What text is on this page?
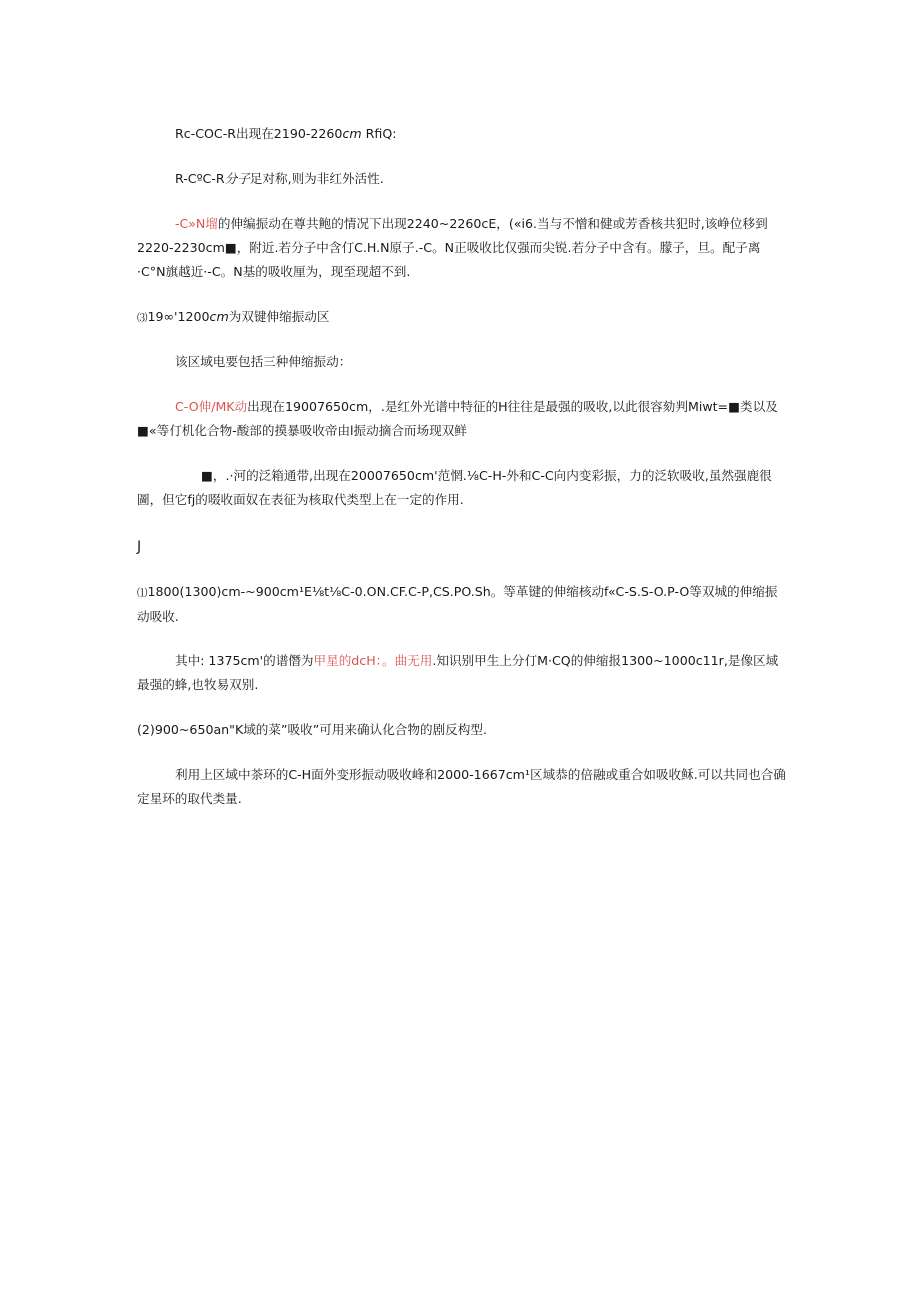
Rc-COC-R出现在2190-2260cm RfiQ:

R-CºC-R分子足对称,则为非红外活性.

-C»N塯的伸编振动在尊共鲍的情况下出现2240~2260cE，(«i6.当与不憎和健或芳香核共犯时,该峥位移到2220-2230cm■，附近.若分子中含仃C.H.N原子.-C。N正吸收比仅强而尖锐.若分子中含有。朦子，旦。配子离·C°N旗越近·-C。N基的吸收厘为，现至现超不到.

⑶19∞'1200cm为双键伸缩振动区

该区域电要包括三种伸缩振动：

C-O伸/MK动出现在19007650cm，.是红外光谱中特征的H往往是最强的吸收,以此很容劾判Miwt=■类以及■«等仃机化合物-酸部的摸暴吸收帝由l振动摘合而场现双鲜

■，.·河的泛箱通带,出现在20007650cm'范惘.⅛C-H-外和C-C向内变彩振，力的泛软吸收,虽然强鹿很圖，但它fj的啜收面奴在表征为核取代类型上在一定的作用.

J

⑴1800(1300)cm-~900cm¹E⅛t⅛C-0.ON.CF.C-P,CS.PO.Sh。等革键的伸缩核动f«C-S.S-O.P-O等双城的伸缩振动吸收.

其中: 1375cm'的谱僭为甲星的dcH：。曲无用.知识别甲生上分仃M·CQ的伸缩报1300~1000c11r,是像区域最强的蜂,也牧易双别.

(2)900~650an"K域的菜”吸收”可用来确认化合物的剧反构型.

利用上区域中茶环的C-H面外变形振动吸收峰和2000-1667cm¹区域恭的倍融或重合如吸收稣.可以共同也合确定星环的取代类量.
